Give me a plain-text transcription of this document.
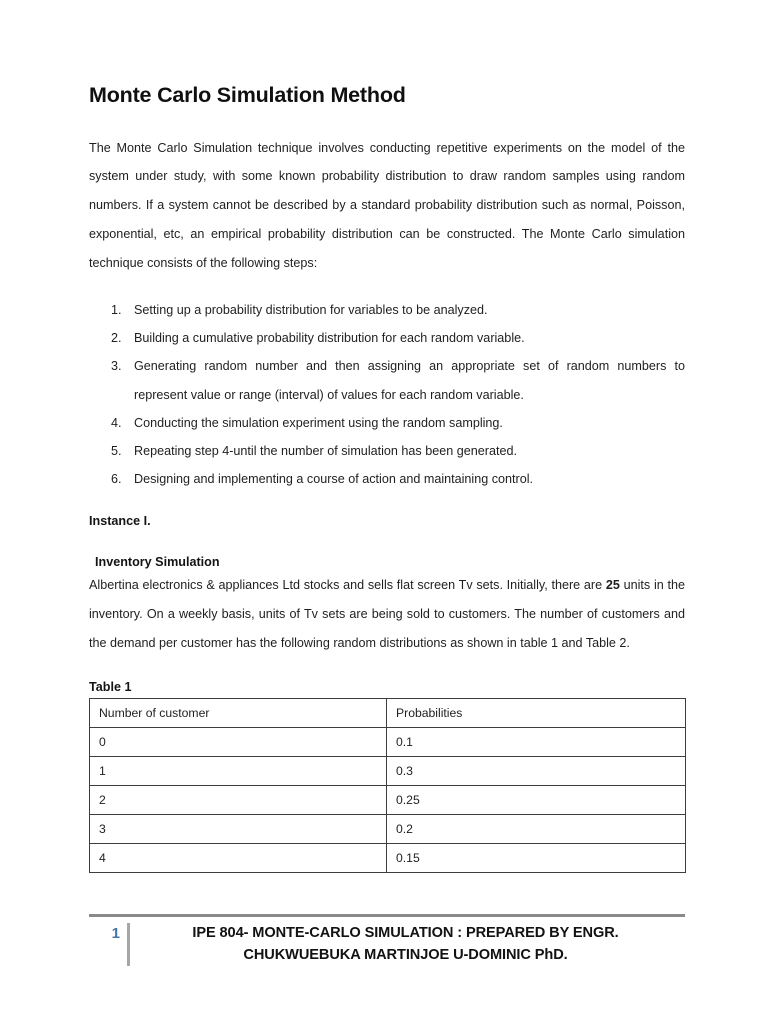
Monte Carlo Simulation Method

The Monte Carlo Simulation technique involves conducting repetitive experiments on the model of the system under study, with some known probability distribution to draw random samples using random numbers. If a system cannot be described by a standard probability distribution such as normal, Poisson, exponential, etc, an empirical probability distribution can be constructed. The Monte Carlo simulation technique consists of the following steps:

1. Setting up a probability distribution for variables to be analyzed.
2. Building a cumulative probability distribution for each random variable.
3. Generating random number and then assigning an appropriate set of random numbers to represent value or range (interval) of values for each random variable.
4. Conducting the simulation experiment using the random sampling.
5. Repeating step 4-until the number of simulation has been generated.
6. Designing and implementing a course of action and maintaining control.
Instance I.
Inventory Simulation

Albertina electronics & appliances Ltd stocks and sells flat screen Tv sets. Initially, there are 25 units in the inventory. On a weekly basis, units of Tv sets are being sold to customers. The number of customers and the demand per customer has the following random distributions as shown in table 1 and Table 2.

Table 1
Number of customer	Probabilities
0	0.1
1	0.3
2	0.25
3	0.2
4	0.15
1	IPE 804- MONTE-CARLO SIMULATION : PREPARED BY ENGR.
CHUKWUEBUKA MARTINJOE U-DOMINIC PhD.
